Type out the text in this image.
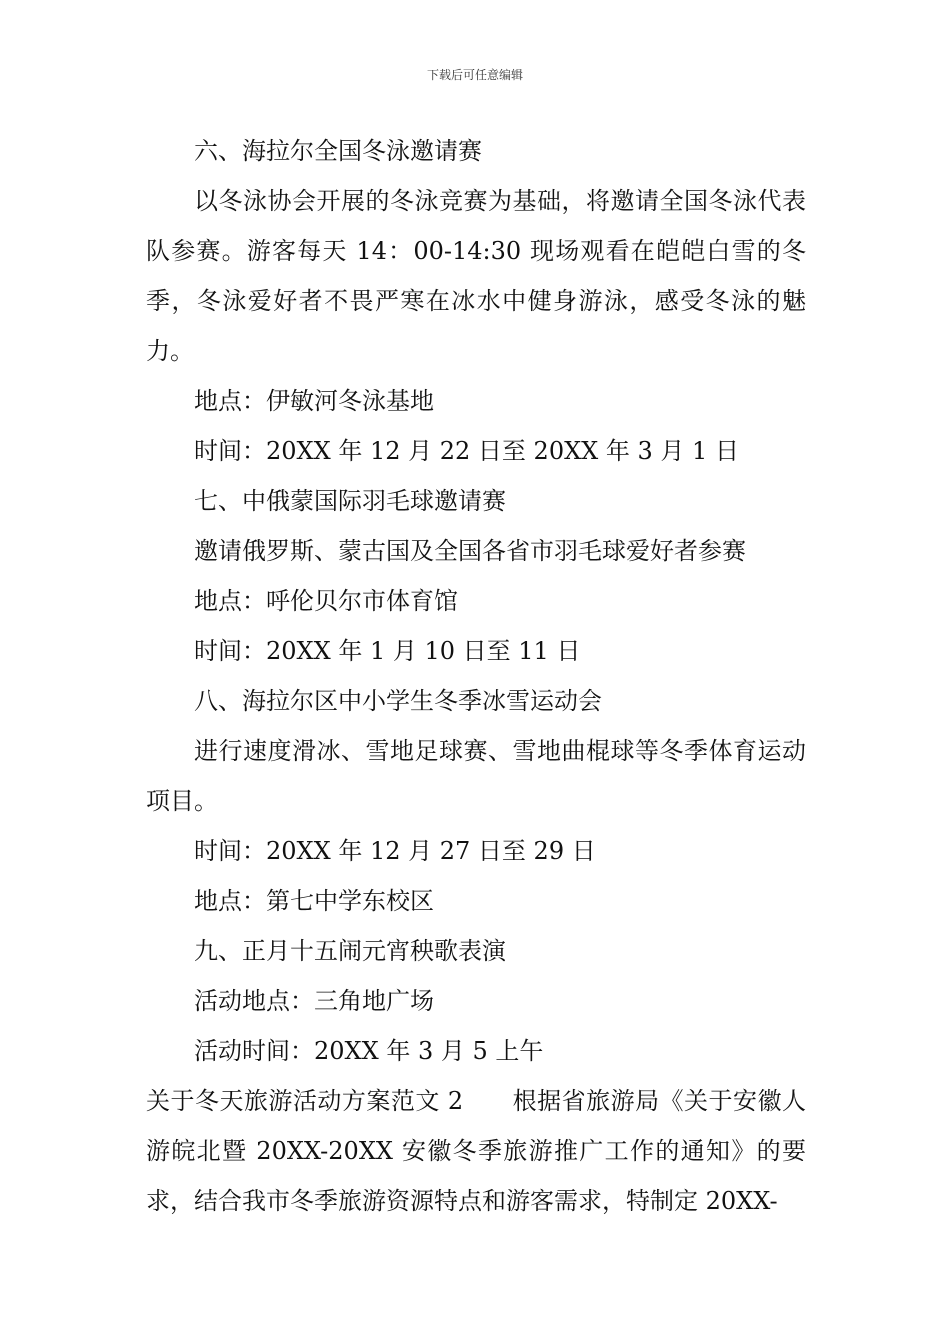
下载后可任意编辑

六、海拉尔全国冬泳邀请赛

以冬泳协会开展的冬泳竞赛为基础，将邀请全国冬泳代表队参赛。游客每天 14：00-14:30 现场观看在皑皑白雪的冬季，冬泳爱好者不畏严寒在冰水中健身游泳，感受冬泳的魅力。

地点：伊敏河冬泳基地

时间：20XX 年 12 月 22 日至 20XX 年 3 月 1 日

七、中俄蒙国际羽毛球邀请赛

邀请俄罗斯、蒙古国及全国各省市羽毛球爱好者参赛

地点：呼伦贝尔市体育馆

时间：20XX 年 1 月 10 日至 11 日

八、海拉尔区中小学生冬季冰雪运动会

进行速度滑冰、雪地足球赛、雪地曲棍球等冬季体育运动项目。

时间：20XX 年 12 月 27 日至 29 日

地点：第七中学东校区

九、正月十五闹元宵秧歌表演

活动地点：三角地广场

活动时间：20XX 年 3 月 5 上午

关于冬天旅游活动方案范文 2　　根据省旅游局《关于安徽人游皖北暨 20XX-20XX 安徽冬季旅游推广工作的通知》的要求，结合我市冬季旅游资源特点和游客需求，特制定 20XX-
